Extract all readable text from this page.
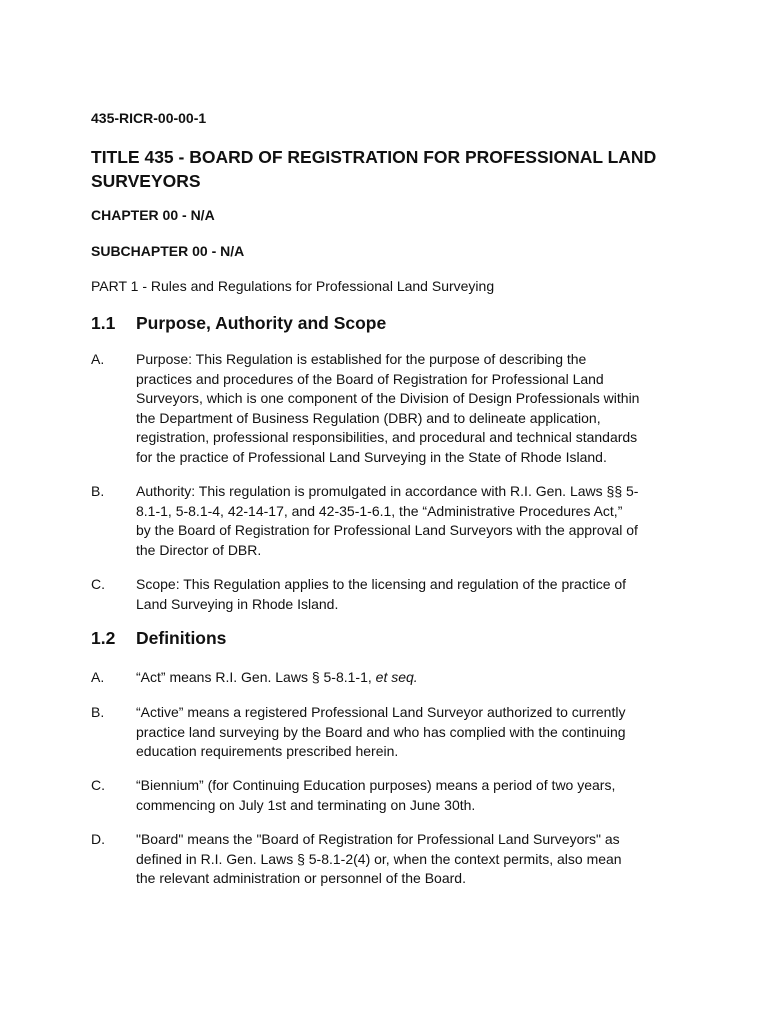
435-RICR-00-00-1
TITLE 435 - BOARD OF REGISTRATION FOR PROFESSIONAL LAND
SURVEYORS
CHAPTER 00 - N/A
SUBCHAPTER 00 - N/A
PART 1 - Rules and Regulations for Professional Land Surveying
1.1 Purpose, Authority and Scope
A. Purpose: This Regulation is established for the purpose of describing the
practices and procedures of the Board of Registration for Professional Land
Surveyors, which is one component of the Division of Design Professionals within
the Department of Business Regulation (DBR) and to delineate application,
registration, professional responsibilities, and procedural and technical standards
for the practice of Professional Land Surveying in the State of Rhode Island.
B. Authority: This regulation is promulgated in accordance with R.I. Gen. Laws §§ 5-
8.1-1, 5-8.1-4, 42-14-17, and 42-35-1-6.1, the “Administrative Procedures Act,”
by the Board of Registration for Professional Land Surveyors with the approval of
the Director of DBR.
C. Scope: This Regulation applies to the licensing and regulation of the practice of
Land Surveying in Rhode Island.
1.2 Definitions
A. “Act” means R.I. Gen. Laws § 5-8.1-1, et seq.
B. “Active” means a registered Professional Land Surveyor authorized to currently
practice land surveying by the Board and who has complied with the continuing
education requirements prescribed herein.
C. “Biennium” (for Continuing Education purposes) means a period of two years,
commencing on July 1st and terminating on June 30th.
D. "Board" means the "Board of Registration for Professional Land Surveyors" as
defined in R.I. Gen. Laws § 5-8.1-2(4) or, when the context permits, also mean
the relevant administration or personnel of the Board.
